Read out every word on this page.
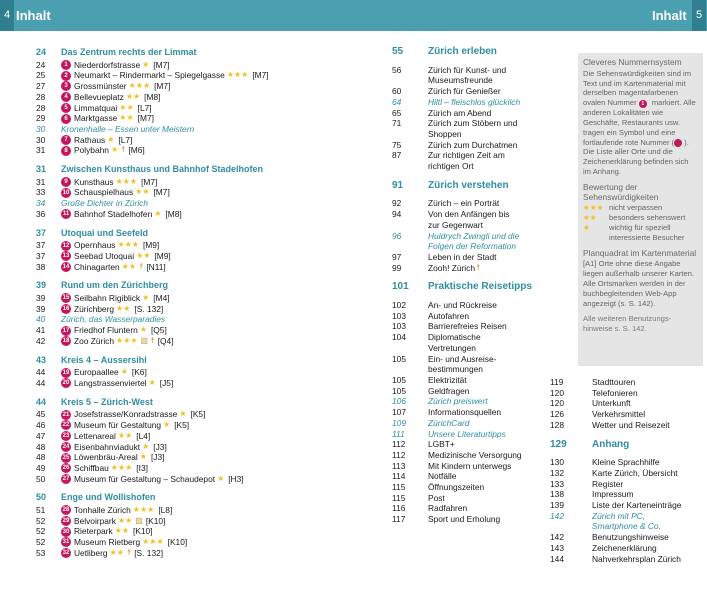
4 Inhalt	Inhalt 5
24	Das Zentrum rechts der Limmat
24	1 Niederdorfstrasse ★ [M7]
25	2 Neumarkt – Rindermarkt – Spiegelgasse ★★★ [M7]
27	3 Grossmünster ★★★ [M7]
28	4 Bellevueplatz ★★ [M8]
28	5 Limmatquai ★★ [L7]
29	6 Marktgasse ★★ [M7]
30	Kronenhalle – Essen unter Meistern
30	7 Rathaus ★ [L7]
31	8 Polybahn ★ ☨ [M6]
31	Zwischen Kunsthaus und Bahnhof Stadelhofen
31	9 Kunsthaus ★★★ [M7]
33	10 Schauspielhaus ★★ [M7]
34	Große Dichter in Zürich
36	11 Bahnhof Stadelhofen ★ [M8]
37	Utoquai und Seefeld
37	12 Opernhaus ★★★ [M9]
37	13 Seebad Utoquai ★★ [M9]
38	14 Chinagarten ★★ ☨ [N11]
39	Rund um den Zürichberg
39	15 Seilbahn Rigiblick ★ [M4]
39	16 Zürichberg ★★ [S. 132]
40	Zürich, das Wasserparadies
41	17 Friedhof Fluntern ★ [Q5]
42	18 Zoo Zürich ★★★ ▨ ☨ [Q4]
43	Kreis 4 – Aussersihl
44	19 Europaallee ★ [K6]
44	20 Langstrassenviertel ★ [J5]
44	Kreis 5 – Zürich-West
45	21 Josefstrasse/Konradstrasse ★ [K5]
46	22 Museum für Gestaltung ★ [K5]
47	23 Lettenareal ★★ [L4]
48	24 Eisenbahnviadukt ★ [J3]
48	25 Löwenbräu-Areal ★ [J3]
49	26 Schiffbau ★★★ [I3]
50	27 Museum für Gestaltung – Schaudepot ★ [H3]
50	Enge und Wollishofen
51	28 Tonhalle Zürich ★★★ [L8]
52	29 Belvoirpark ★★ ▨ [K10]
52	30 Rieterpark ★★ [K10]
52	31 Museum Rietberg ★★★ [K10]
53	32 Uetliberg ★★ ☨ [S. 132]
55	Zürich erleben
56	Zürich für Kunst- und Museumsfreunde
60	Zürich für Genießer
64	Hiltl – fleischlos glücklich
65	Zürich am Abend
71	Zürich zum Stöbern und Shoppen
75	Zürich zum Durchatmen
87	Zur richtigen Zeit am richtigen Ort
91	Zürich verstehen
92	Zürich – ein Porträt
94	Von den Anfängen bis zur Gegenwart
96	Huldrych Zwingli und die Folgen der Reformation
97	Leben in der Stadt
99	Zooh! Zürich ☨
101	Praktische Reisetipps
102	An- und Rückreise
103	Autofahren
103	Barrierefreies Reisen
104	Diplomatische Vertretungen
105	Ein- und Ausreise- bestimmungen
105	Elektrizität
105	Geldfragen
106	Zürich preiswert
107	Informationsquellen
109	ZürichCard
111	Unsere Literaturtipps
112	LGBT+
112	Medizinische Versorgung
113	Mit Kindern unterwegs
114	Notfälle
115	Öffnungszeiten
115	Post
116	Radfahren
117	Sport und Erholung
119	Stadttouren
120	Telefonieren
120	Unterkunft
126	Verkehrsmittel
128	Wetter und Reisezeit
129	Anhang
130	Kleine Sprachhilfe
132	Karte Zürich, Übersicht
133	Register
138	Impressum
139	Liste der Karteneinträge
142	Zürich mit PC, Smartphone & Co.
142	Benutzungshinweise
143	Zeichenerklärung
144	Nahverkehrsplan Zürich
Cleveres Nummernsystem

Die Sehenswürdigkeiten sind im Text und im Kartenmaterial mit derselben magentafarbenen ovalen Nummer 1 markiert. Alle anderen Lokalitäten wie Geschäfte, Restaurants usw. tragen ein Symbol und eine fortlaufende rote Nummer ( ). Die Liste aller Orte und die Zeichenerklärung befinden sich im Anhang.

Bewertung der Sehenswürdigkeiten
★★★ nicht verpassen
★★	besonders sehenswert
★	wichtig für speziell interessierte Besucher
Planquadrat im Kartenmaterial

[A1] Orte ohne diese Angabe liegen außerhalb unserer Karten. Alle Ortsmarken werden in der buchbegleitenden Web-App angezeigt (s. S. 142).

Alle weiteren Benutzungs- hinweise s. S. 142.
